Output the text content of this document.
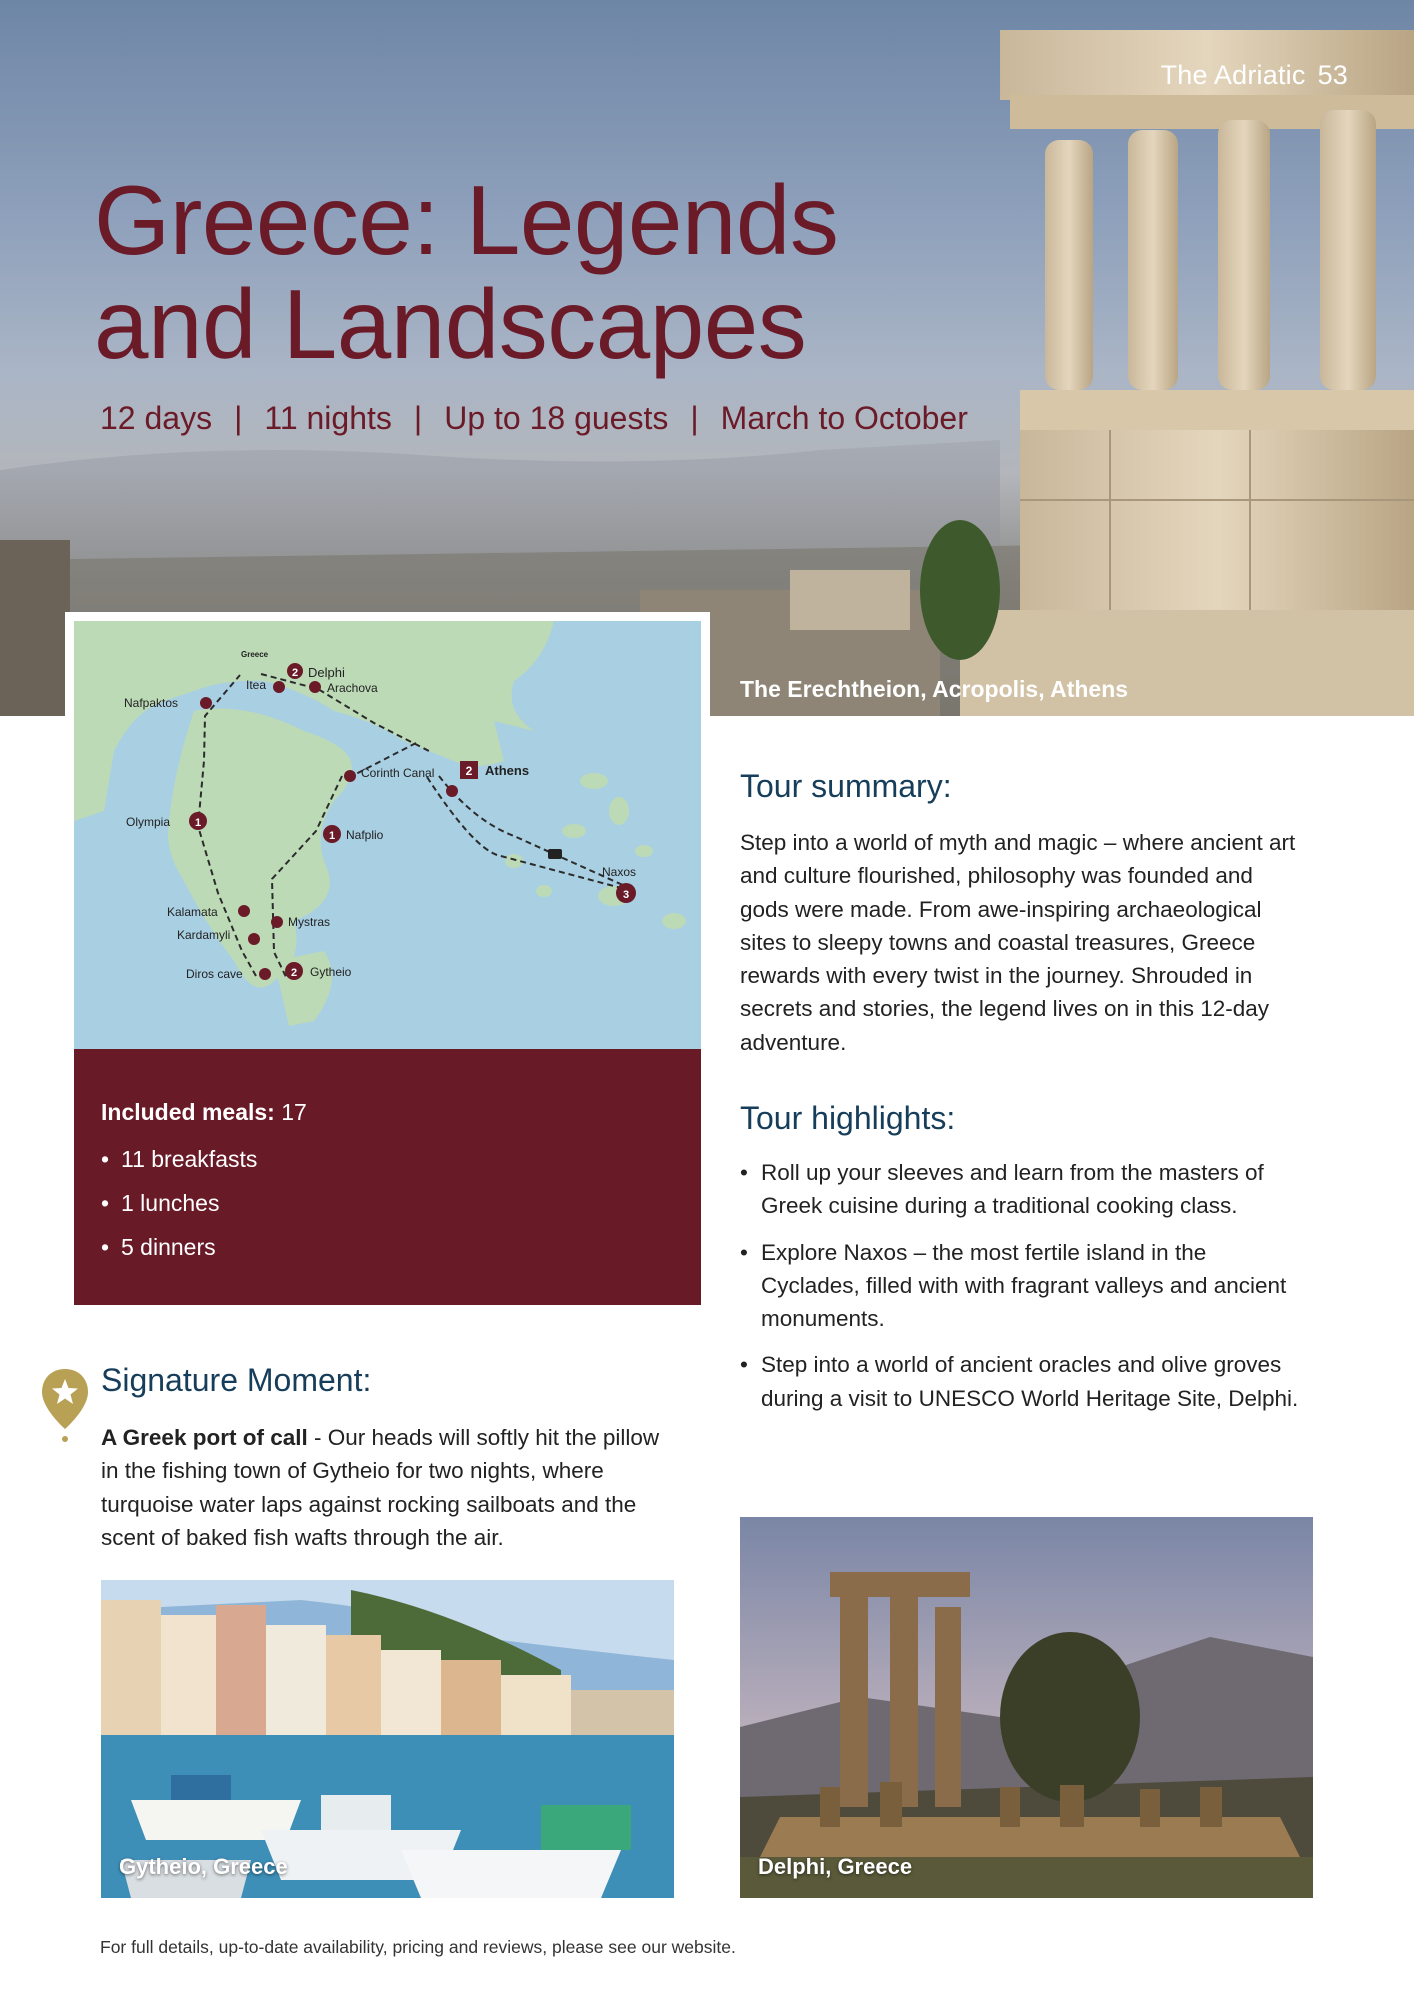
The Adriatic 53
Greece: Legends
and Landscapes
12 days | 11 nights | Up to 18 guests | March to October
The Erechtheion, Acropolis, Athens
2 Delphi
Itea	Arachova
Nafpaktos
Corinth Canal	2 Athens
1
Olympia
1 Nafplio
3
Naxos
Kalamata
Mystras
Kardamyli
Diros cave	2 Gytheio
Greece
Included meals: 17
• 11 breakfasts
• 1 lunches
• 5 dinners
Tour summary:

Step into a world of myth and magic – where ancient art and culture flourished, philosophy was founded and gods were made. From awe-inspiring archaeological sites to sleepy towns and coastal treasures, Greece rewards with every twist in the journey. Shrouded in secrets and stories, the legend lives on in this 12-day adventure.

Tour highlights:
• Roll up your sleeves and learn from the masters of Greek cuisine during a traditional cooking class.
• Explore Naxos – the most fertile island in the Cyclades, filled with with fragrant valleys and ancient monuments.
• Step into a world of ancient oracles and olive groves during a visit to UNESCO World Heritage Site, Delphi.
Signature Moment:

A Greek port of call - Our heads will softly hit the pillow in the fishing town of Gytheio for two nights, where turquoise water laps against rocking sailboats and the scent of baked fish wafts through the air.

Gytheio, Greece	Delphi, Greece
For full details, up-to-date availability, pricing and reviews, please see our website.
